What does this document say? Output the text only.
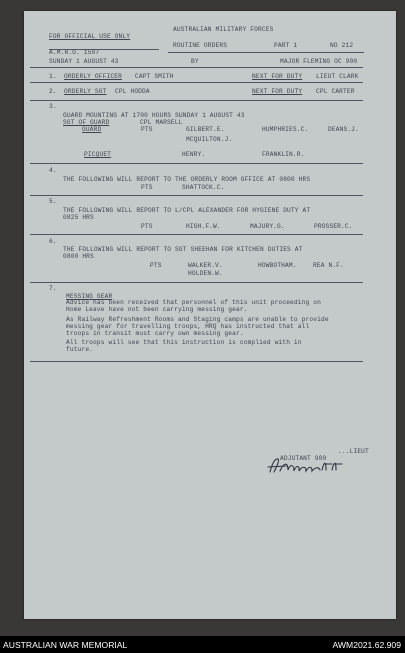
AUSTRALIAN MILITARY FORCES
FOR OFFICIAL USE ONLY
ROUTINE ORDERS	PART 1	NO 212
A.M.R.O. 1507
SUNDAY 1 AUGUST 43	BY	MAJOR FLEMING OC 900
1. ORDERLY OFFICER CAPT SMITH	NEXT FOR DUTY LIEUT CLARK
2. ORDERLY SGT CPL HODDA	NEXT FOR DUTY CPL CARTER
3.
GUARD MOUNTING AT 1700 HOURS SUNDAY 1 AUGUST 43
SGT OF GUARD	CPL MARSELL
GUARD	PTS	GILBERT.E.	HUMPHRIES.C.	DEANS.J.
MCQUILTON.J.
PICQUET	HENRY.	FRANKLIN.R.
4.
THE FOLLOWING WILL REPORT TO THE ORDERLY ROOM OFFICE AT 0800 HRS
PTS	SHATTOCK.C.
5.
THE FOLLOWING WILL REPORT TO L/CPL ALEXANDER FOR HYGIENE DUTY AT
0825 HRS
PTS	HIGH.F.W.	MAJURY.G.	PROSSER.C.
6.
THE FOLLOWING WILL REPORT TO SGT SHEEHAN FOR KITCHEN DUTIES AT
0800 HRS
PTS	WALKER.V.	HOWBOTHAM.	REA N.F.
HOLDEN.W.
7.
MESSING GEAR
Advice has been received that personnel of this unit proceeding on
Home Leave have not been carrying messing gear.
As Railway Refreshment Rooms and Staging camps are unable to provide
messing gear for travelling troops, HRQ has instructed that all
troops in transit must carry own messing gear.
All troops will see that this instruction is complied with in
future.
...LIEUT
ADJUTANT 900
AUSTRALIAN WAR MEMORIAL	AWM2021.62.909
